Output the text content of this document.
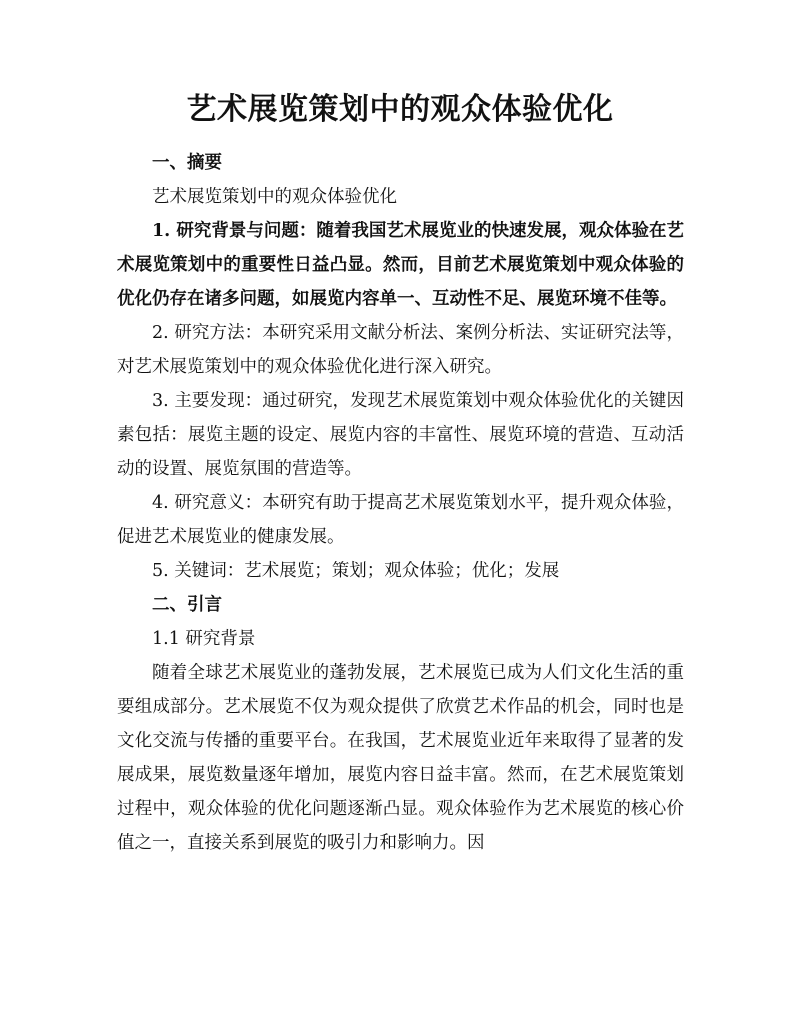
艺术展览策划中的观众体验优化

一、摘要

艺术展览策划中的观众体验优化

1. 研究背景与问题：随着我国艺术展览业的快速发展，观众体验在艺术展览策划中的重要性日益凸显。然而，目前艺术展览策划中观众体验的优化仍存在诸多问题，如展览内容单一、互动性不足、展览环境不佳等。

2. 研究方法：本研究采用文献分析法、案例分析法、实证研究法等，对艺术展览策划中的观众体验优化进行深入研究。

3. 主要发现：通过研究，发现艺术展览策划中观众体验优化的关键因素包括：展览主题的设定、展览内容的丰富性、展览环境的营造、互动活动的设置、展览氛围的营造等。

4. 研究意义：本研究有助于提高艺术展览策划水平，提升观众体验，促进艺术展览业的健康发展。

5. 关键词：艺术展览；策划；观众体验；优化；发展

二、引言

1.1 研究背景

随着全球艺术展览业的蓬勃发展，艺术展览已成为人们文化生活的重要组成部分。艺术展览不仅为观众提供了欣赏艺术作品的机会，同时也是文化交流与传播的重要平台。在我国，艺术展览业近年来取得了显著的发展成果，展览数量逐年增加，展览内容日益丰富。然而，在艺术展览策划过程中，观众体验的优化问题逐渐凸显。观众体验作为艺术展览的核心价值之一，直接关系到展览的吸引力和影响力。因
